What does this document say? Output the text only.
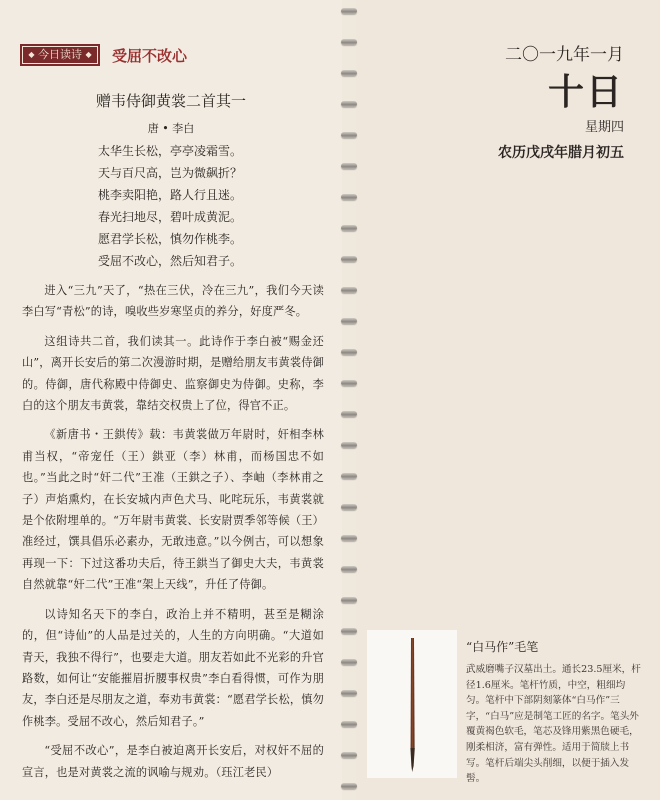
◆ 今日读诗 ◆	受屈不改心
赠韦侍御黄裳二首其一
唐 • 李白
太华生长松，亭亭凌霜雪。
天与百尺高，岂为微飙折？
桃李卖阳艳，路人行且迷。
春光扫地尽，碧叶成黄泥。
愿君学长松，慎勿作桃李。
受屈不改心，然后知君子。

进入“三九”天了，“热在三伏，冷在三九”，我们今天读李白写“青松”的诗，嗅收些岁寒坚贞的养分，好度严冬。

这组诗共二首，我们读其一。此诗作于李白被“赐金还山”，离开长安后的第二次漫游时期，是赠给朋友韦黄裳侍御的。侍御，唐代称殿中侍御史、监察御史为侍御。史称，李白的这个朋友韦黄裳，靠结交权贵上了位，得官不正。

《新唐书・王鉷传》载：韦黄裳做万年尉时，奸相李林甫当权，“帝宠任（王）鉷亚（李）林甫，而杨国忠不如也。”当此之时“奸二代”王准（王鉷之子）、李岫（李林甫之子）声焰熏灼，在长安城内声色犬马、叱咤玩乐，韦黄裳就是个依附埋单的。“万年尉韦黄裳、长安尉贾季邻等候（王）准经过，馔具倡乐必素办，无敢违意。”以今例古，可以想象再现一下：下过这番功夫后，待王鉷当了御史大夫，韦黄裳自然就靠“奸二代”王准“架上天线”，升任了侍御。

以诗知名天下的李白，政治上并不精明，甚至是糊涂的，但“诗仙”的人品是过关的，人生的方向明确。“大道如青天，我独不得行”，也要走大道。朋友若如此不光彩的升官路数，如何让“安能摧眉折腰事权贵”李白看得惯，可作为朋友，李白还是尽朋友之道，奉劝韦黄裳：“愿君学长松，慎勿作桃李。受屈不改心，然后知君子。”

“受屈不改心”，是李白被迫离开长安后，对权奸不屈的宣言，也是对黄裳之流的讽喻与规劝。（珏江老民）

二〇一九年一月
十日
星期四
农历戊戌年腊月初五
“白马作”毛笔
武威磨嘴子汉墓出土。通长23.5厘米，杆径1.6厘米。笔杆竹质，中空，粗细均匀。笔杆中下部阴刻篆体“白马作”三字，“白马”应是制笔工匠的名字。笔头外覆黄褐色软毛，笔芯及锋用紫黑色硬毛，刚柔相济，富有弹性。适用于简牍上书写。笔杆后端尖头削细，以便于插入发髻。
